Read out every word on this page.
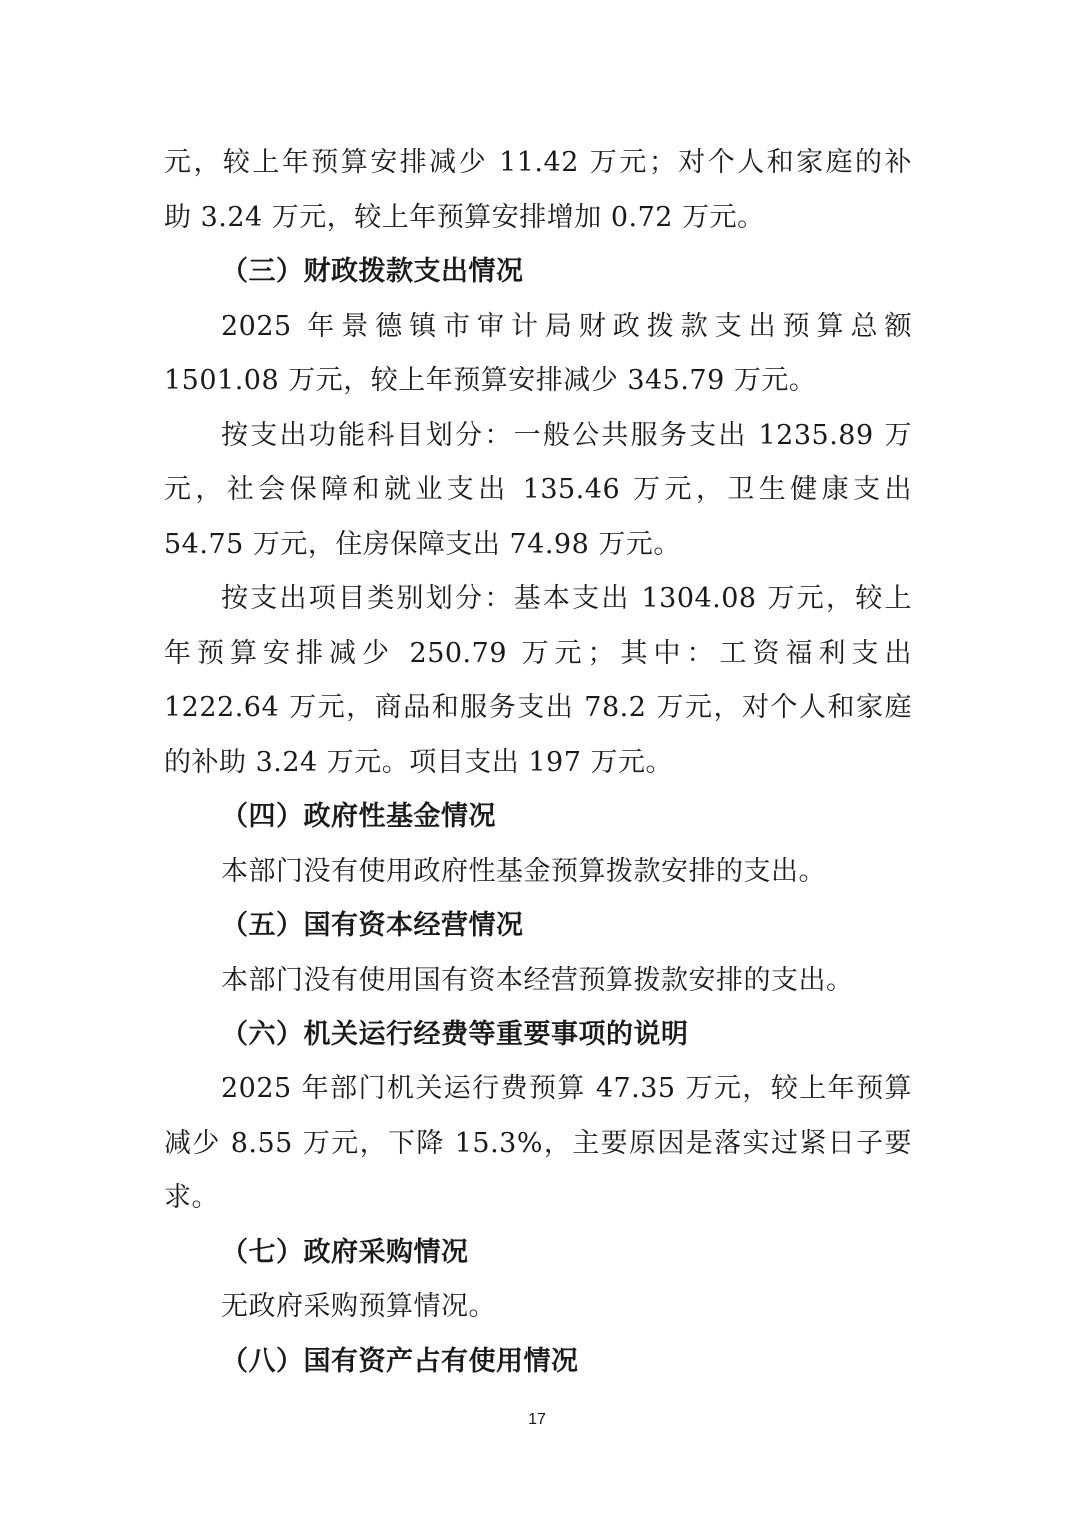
元，较上年预算安排减少 11.42 万元；对个人和家庭的补
助 3.24 万元，较上年预算安排增加 0.72 万元。
（三）财政拨款支出情况
2025 年景德镇市审计局财政拨款支出预算总额
1501.08 万元，较上年预算安排减少 345.79 万元。
按支出功能科目划分：一般公共服务支出 1235.89 万
元，社会保障和就业支出 135.46 万元，卫生健康支出
54.75 万元，住房保障支出 74.98 万元。
按支出项目类别划分：基本支出 1304.08 万元，较上
年预算安排减少 250.79 万元；其中：工资福利支出
1222.64 万元，商品和服务支出 78.2 万元，对个人和家庭
的补助 3.24 万元。项目支出 197 万元。
（四）政府性基金情况
本部门没有使用政府性基金预算拨款安排的支出。
（五）国有资本经营情况
本部门没有使用国有资本经营预算拨款安排的支出。
（六）机关运行经费等重要事项的说明
2025 年部门机关运行费预算 47.35 万元，较上年预算
减少 8.55 万元，下降 15.3%，主要原因是落实过紧日子要
求。
（七）政府采购情况
无政府采购预算情况。
（八）国有资产占有使用情况
17
